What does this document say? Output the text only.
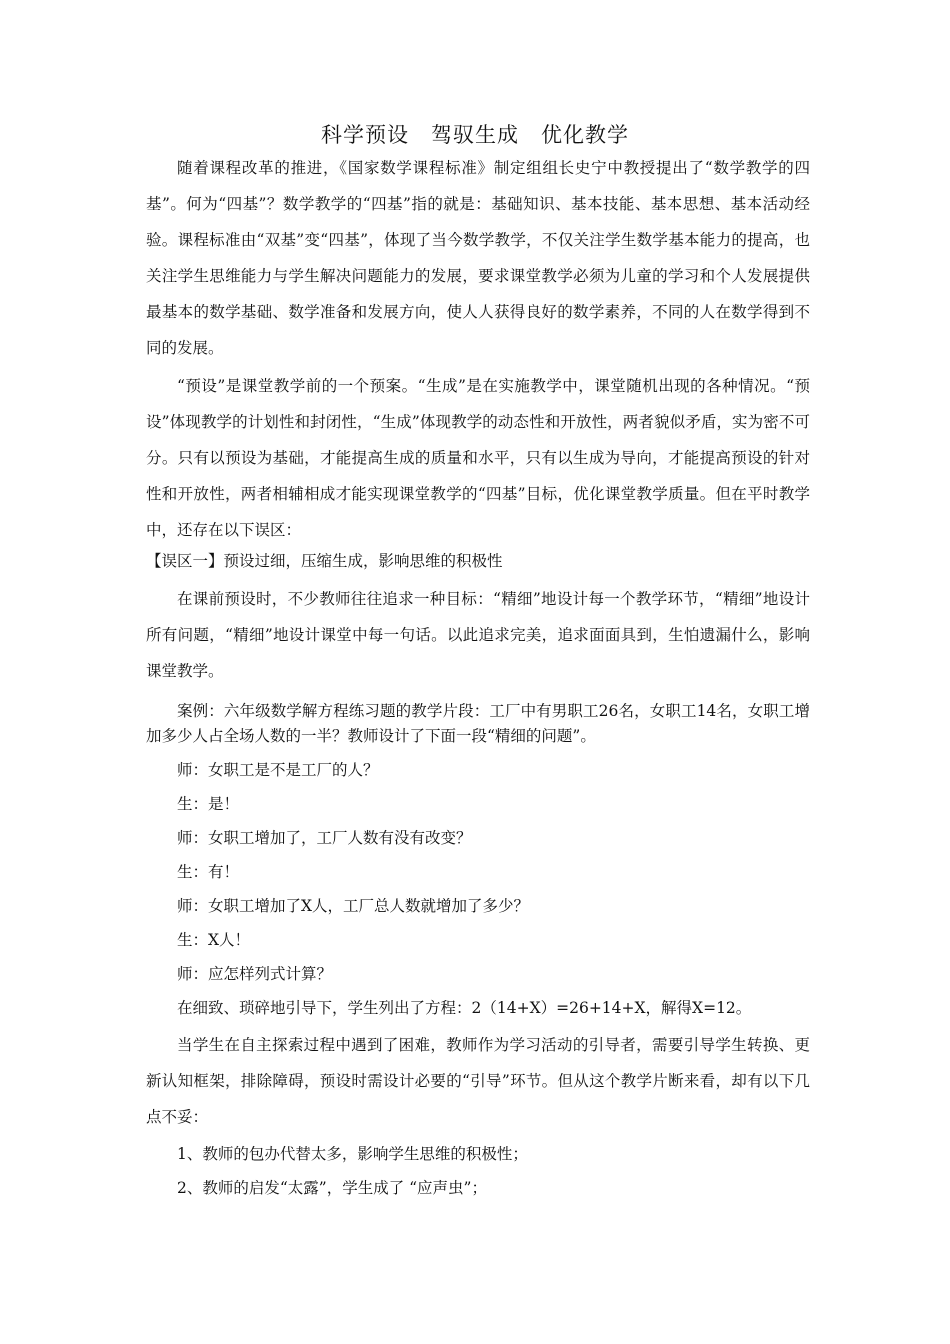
科学预设　驾驭生成　优化教学

随着课程改革的推进，《国家数学课程标准》制定组组长史宁中教授提出了“数学教学的四基”。何为“四基”？数学教学的“四基”指的就是：基础知识、基本技能、基本思想、基本活动经验。课程标准由“双基”变“四基”，体现了当今数学教学，不仅关注学生数学基本能力的提高，也关注学生思维能力与学生解决问题能力的发展，要求课堂教学必须为儿童的学习和个人发展提供最基本的数学基础、数学准备和发展方向，使人人获得良好的数学素养，不同的人在数学得到不同的发展。

“预设”是课堂教学前的一个预案。“生成”是在实施教学中，课堂随机出现的各种情况。“预设”体现教学的计划性和封闭性，“生成”体现教学的动态性和开放性，两者貌似矛盾，实为密不可分。只有以预设为基础，才能提高生成的质量和水平，只有以生成为导向，才能提高预设的针对性和开放性，两者相辅相成才能实现课堂教学的“四基”目标，优化课堂教学质量。但在平时教学中，还存在以下误区：

【误区一】预设过细，压缩生成，影响思维的积极性

在课前预设时，不少教师往往追求一种目标：“精细”地设计每一个教学环节，“精细”地设计所有问题，“精细”地设计课堂中每一句话。以此追求完美，追求面面具到，生怕遗漏什么，影响课堂教学。

案例：六年级数学解方程练习题的教学片段：工厂中有男职工26名，女职工14名，女职工增加多少人占全场人数的一半？教师设计了下面一段“精细的问题”。

师：女职工是不是工厂的人？

生：是！

师：女职工增加了，工厂人数有没有改变？

生：有！

师：女职工增加了X人，工厂总人数就增加了多少？

生：X人！

师：应怎样列式计算？

在细致、琐碎地引导下，学生列出了方程：2（14+X）=26+14+X，解得X=12。

当学生在自主探索过程中遇到了困难，教师作为学习活动的引导者，需要引导学生转换、更新认知框架，排除障碍，预设时需设计必要的“引导”环节。但从这个教学片断来看，却有以下几点不妥：

1、教师的包办代替太多，影响学生思维的积极性；

2、教师的启发“太露”，学生成了 “应声虫”；
